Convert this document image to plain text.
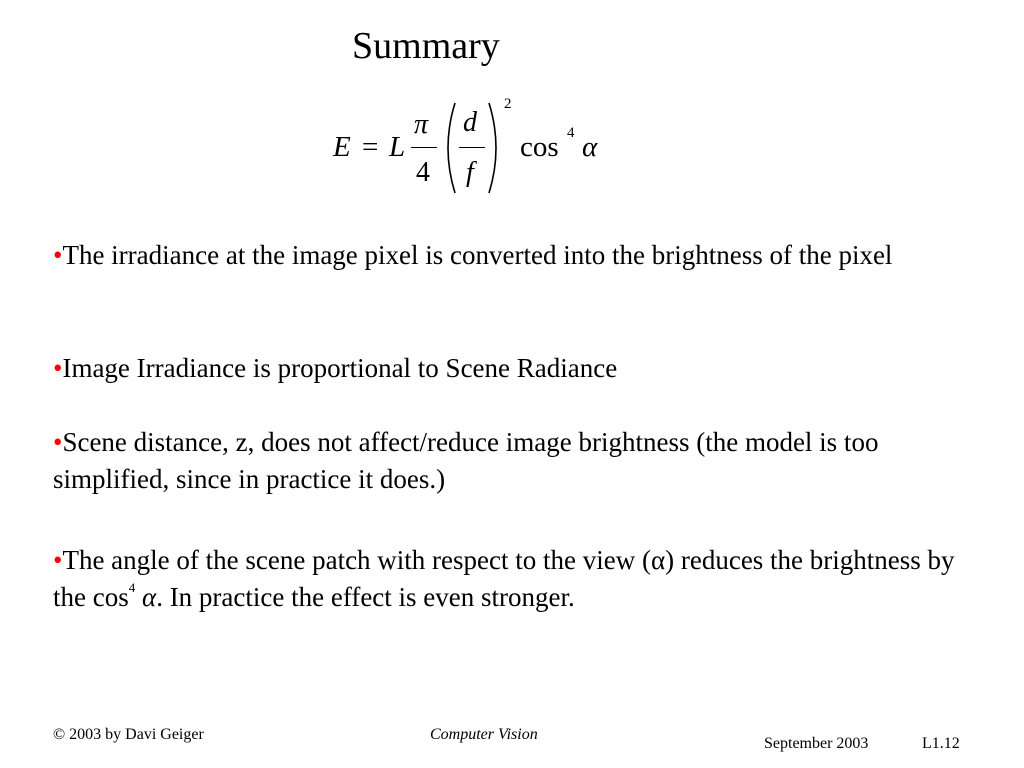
Summary
E = L
π
4
d
f
2
cos 4 α
•The irradiance at the image pixel is converted into the brightness of the pixel
•Image Irradiance is proportional to Scene Radiance
•Scene distance, z, does not affect/reduce image brightness (the model is too simplified, since in practice it does.)
•The angle of the scene patch with respect to the view (α) reduces the brightness by the $\cos^4 \alpha$. In practice the effect is even stronger.
© 2003 by Davi Geiger	Computer Vision
September 2003	L1.12
